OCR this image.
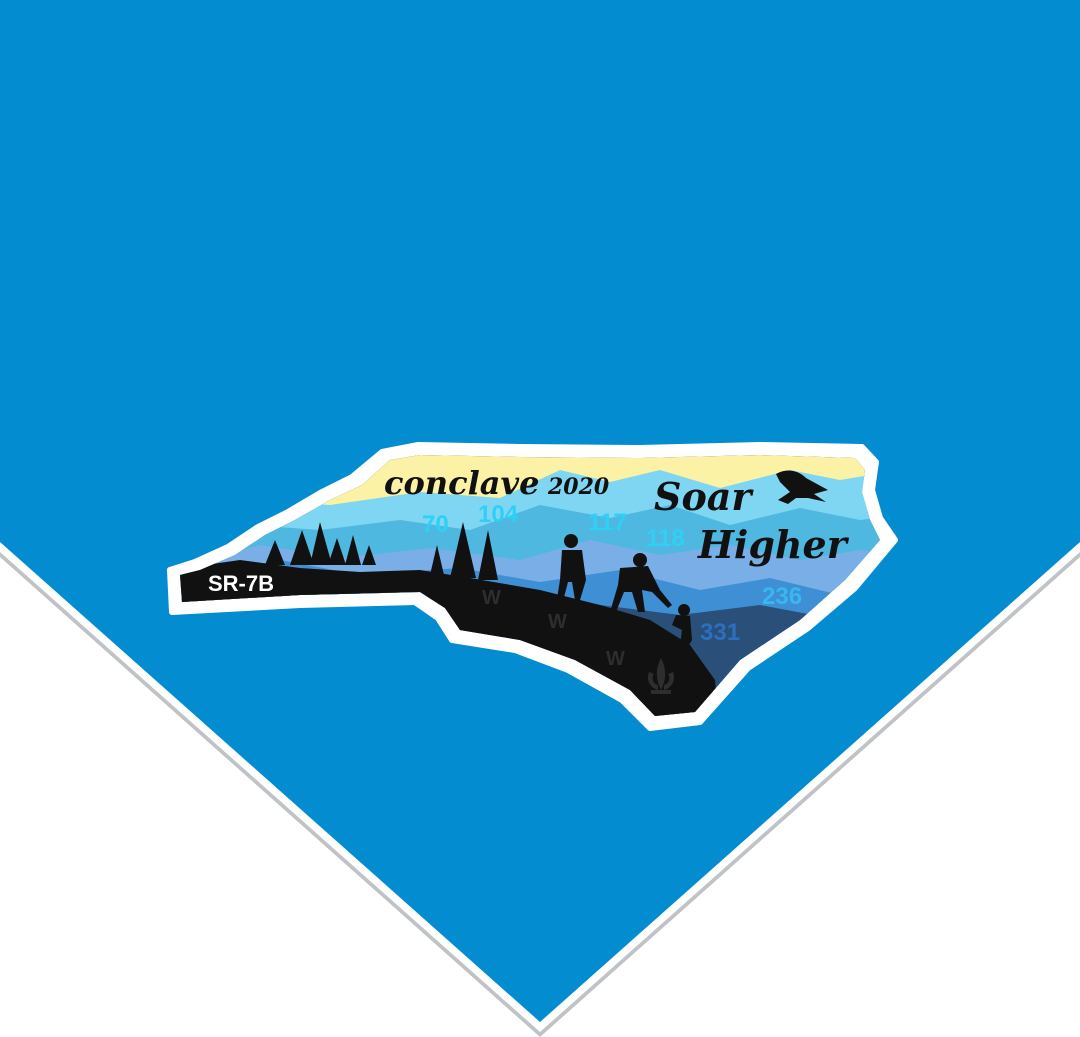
conclave 2020 Soar
Higher
70 104	117
118
236
331
W
W
W
SR-7B
